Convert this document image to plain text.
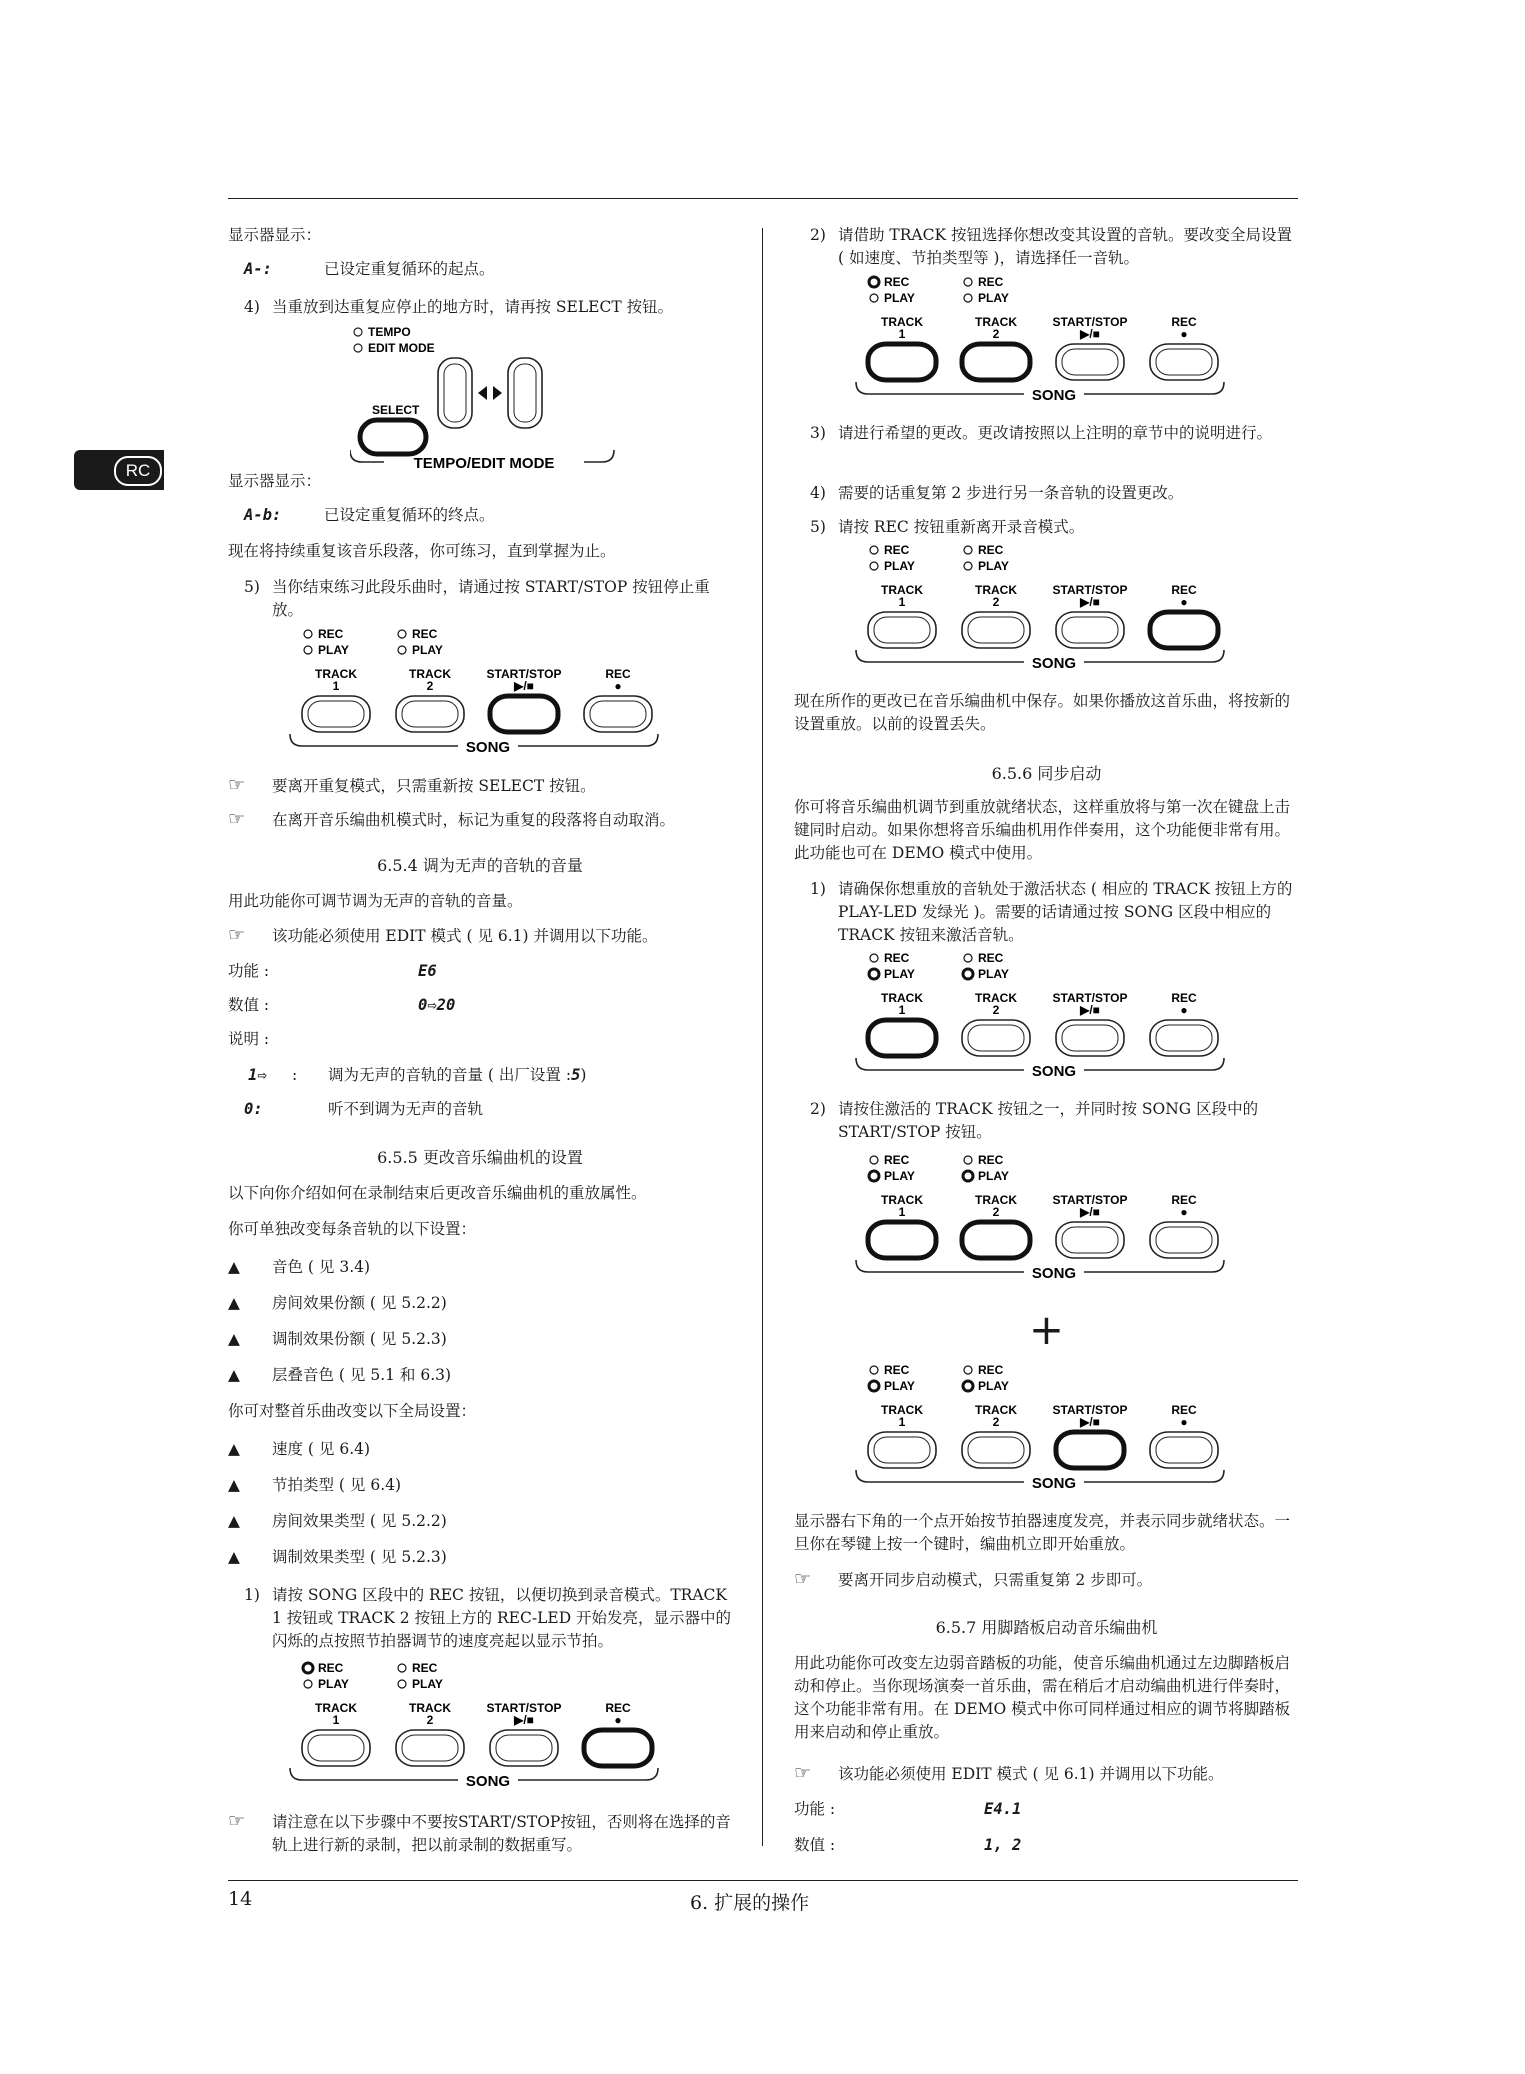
RC
显示器显示：
A-:	已设定重复循环的起点。
4) 当重放到达重复应停止的地方时，请再按 SELECT 按钮。
TEMPO
EDIT MODE
SELECT
TEMPO/EDIT MODE
显示器显示：
A-b:	已设定重复循环的终点。
现在将持续重复该音乐段落，你可练习，直到掌握为止。
5) 当你结束练习此段乐曲时，请通过按 START/STOP 按钮停止重放。
REC
PLAY
REC
PLAY
TRACK
1
TRACK
2
START/STOP
▶/■
REC
●
SONG
☞ 要离开重复模式，只需重新按 SELECT 按钮。
☞ 在离开音乐编曲机模式时，标记为重复的段落将自动取消。
6.5.4 调为无声的音轨的音量
用此功能你可调节调为无声的音轨的音量。
☞ 该功能必须使用 EDIT 模式 ( 见 6.1) 并调用以下功能。
功能 :	E6
数值 :	0⇨20
说明 :
1⇨	:	调为无声的音轨的音量 ( 出厂设置 : 5 )
0:	听不到调为无声的音轨
6.5.5 更改音乐编曲机的设置
以下向你介绍如何在录制结束后更改音乐编曲机的重放属性。
你可单独改变每条音轨的以下设置：
▲ 音色 ( 见 3.4)
▲ 房间效果份额 ( 见 5.2.2)
▲ 调制效果份额 ( 见 5.2.3)
▲ 层叠音色 ( 见 5.1 和 6.3)
你可对整首乐曲改变以下全局设置：
▲ 速度 ( 见 6.4)
▲ 节拍类型 ( 见 6.4)
▲ 房间效果类型 ( 见 5.2.2)
▲ 调制效果类型 ( 见 5.2.3)
1) 请按 SONG 区段中的 REC 按钮，以便切换到录音模式。TRACK 1 按钮或 TRACK 2 按钮上方的 REC-LED 开始发亮，显示器中的闪烁的点按照节拍器调节的速度亮起以显示节拍。
REC
PLAY
REC
PLAY
TRACK
1
TRACK
2
START/STOP
▶/■
REC
●
SONG
☞ 请注意在以下步骤中不要按START/STOP按钮，否则将在选择的音轨上进行新的录制，把以前录制的数据重写。
2) 请借助 TRACK 按钮选择你想改变其设置的音轨。要改变全局设置 ( 如速度、节拍类型等 )，请选择任一音轨。
REC
PLAY
REC
PLAY
TRACK
1
TRACK
2
START/STOP
▶/■
REC
●
SONG
3) 请进行希望的更改。更改请按照以上注明的章节中的说明进行。
4) 需要的话重复第 2 步进行另一条音轨的设置更改。
5) 请按 REC 按钮重新离开录音模式。
REC
PLAY
REC
PLAY
TRACK
1
TRACK
2
START/STOP
▶/■
REC
●
SONG
现在所作的更改已在音乐编曲机中保存。如果你播放这首乐曲，将按新的设置重放。以前的设置丢失。
6.5.6 同步启动
你可将音乐编曲机调节到重放就绪状态，这样重放将与第一次在键盘上击键同时启动。如果你想将音乐编曲机用作伴奏用，这个功能便非常有用。此功能也可在 DEMO 模式中使用。
1) 请确保你想重放的音轨处于激活状态 ( 相应的 TRACK 按钮上方的 PLAY-LED 发绿光 )。需要的话请通过按 SONG 区段中相应的 TRACK 按钮来激活音轨。
REC
PLAY
REC
PLAY
TRACK
1
TRACK
2
START/STOP
▶/■
REC
●
SONG
2) 请按住激活的 TRACK 按钮之一，并同时按 SONG 区段中的 START/STOP 按钮。
REC
PLAY
REC
PLAY
TRACK
1
TRACK
2
START/STOP
▶/■
REC
●
SONG
+
REC
PLAY
REC
PLAY
TRACK
1
TRACK
2
START/STOP
▶/■
REC
●
SONG
显示器右下角的一个点开始按节拍器速度发亮，并表示同步就绪状态。一旦你在琴键上按一个键时，编曲机立即开始重放。
☞ 要离开同步启动模式，只需重复第 2 步即可。
6.5.7 用脚踏板启动音乐编曲机
用此功能你可改变左边弱音踏板的功能，使音乐编曲机通过左边脚踏板启动和停止。当你现场演奏一首乐曲，需在稍后才启动编曲机进行伴奏时，这个功能非常有用。在 DEMO 模式中你可同样通过相应的调节将脚踏板用来启动和停止重放。
☞ 该功能必须使用 EDIT 模式 ( 见 6.1) 并调用以下功能。
功能 :	E4.1
数值 :	1, 2
14	6. 扩展的操作
